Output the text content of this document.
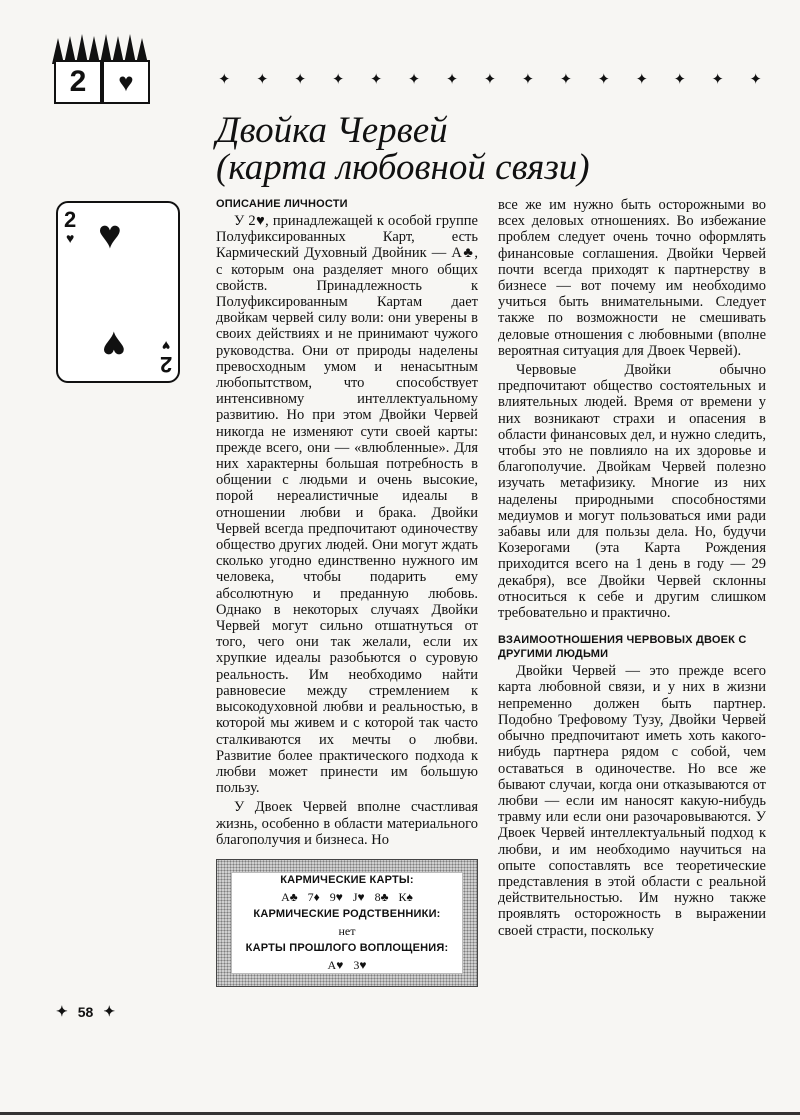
2	♥	✦ ✦ ✦ ✦ ✦ ✦ ✦ ✦ ✦ ✦ ✦ ✦ ✦ ✦ ✦
Двойка Червей
(карта любовной связи)
2
♥ ♥
♥ 2
♥
ОПИСАНИЕ ЛИЧНОСТИ

У 2♥, принадлежащей к особой группе Полуфиксированных Карт, есть Кармический Духовный Двойник — А♣, с которым она разделяет много общих свойств. Принадлежность к Полуфиксированным Картам дает двойкам червей силу воли: они уверены в своих действиях и не принимают чужого руководства. Они от природы наделены превосходным умом и ненасытным любопытством, что способствует интенсивному интеллектуальному развитию. Но при этом Двойки Червей никогда не изменяют сути своей карты: прежде всего, они — «влюбленные». Для них характерны большая потребность в общении с людьми и очень высокие, порой нереалистичные идеалы в отношении любви и брака. Двойки Червей всегда предпочитают одиночеству общество других людей. Они могут ждать сколько угодно единственно нужного им человека, чтобы подарить ему абсолютную и преданную любовь. Однако в некоторых случаях Двойки Червей могут сильно отшатнуться от того, чего они так желали, если их хрупкие идеалы разобьются о суровую реальность. Им необходимо найти равновесие между стремлением к высокодуховной любви и реальностью, в которой мы живем и с которой так часто сталкиваются их мечты о любви. Развитие более практического подхода к любви может принести им большую пользу.

У Двоек Червей вполне счастливая жизнь, особенно в области материального благополучия и бизнеса. Но

все же им нужно быть осторожными во всех деловых отношениях. Во избежание проблем следует очень точно оформлять финансовые соглашения. Двойки Червей почти всегда приходят к партнерству в бизнесе — вот почему им необходимо учиться быть внимательными. Следует также по возможности не смешивать деловые отношения с любовными (вполне вероятная ситуация для Двоек Червей).

Червовые Двойки обычно предпочитают общество состоятельных и влиятельных людей. Время от времени у них возникают страхи и опасения в области финансовых дел, и нужно следить, чтобы это не повлияло на их здоровье и благополучие. Двойкам Червей полезно изучать метафизику. Многие из них наделены природными способностями медиумов и могут пользоваться ими ради забавы или для пользы дела. Но, будучи Козерогами (эта Карта Рождения приходится всего на 1 день в году — 29 декабря), все Двойки Червей склонны относиться к себе и другим слишком требовательно и практично.

ВЗАИМООТНОШЕНИЯ ЧЕРВОВЫХ ДВОЕК С ДРУГИМИ ЛЮДЬМИ

Двойки Червей — это прежде всего карта любовной связи, и у них в жизни непременно должен быть партнер. Подобно Трефовому Тузу, Двойки Червей обычно предпочитают иметь хоть какого-нибудь партнера рядом с собой, чем оставаться в одиночестве. Но все же бывают случаи, когда они отказываются от любви — если им наносят какую-нибудь травму или если они разочаровываются. У Двоек Червей интеллектуальный подход к любви, и им необходимо научиться на опыте сопоставлять все теоретические представления в этой области с реальной действительностью. Им нужно также проявлять осторожность в выражении своей страсти, поскольку

КАРМИЧЕСКИЕ КАРТЫ:
А♣ 7♦ 9♥ J♥ 8♣ К♠
КАРМИЧЕСКИЕ РОДСТВЕННИКИ:
нет
КАРТЫ ПРОШЛОГО ВОПЛОЩЕНИЯ:
А♥ 3♥
✦ 58 ✦
